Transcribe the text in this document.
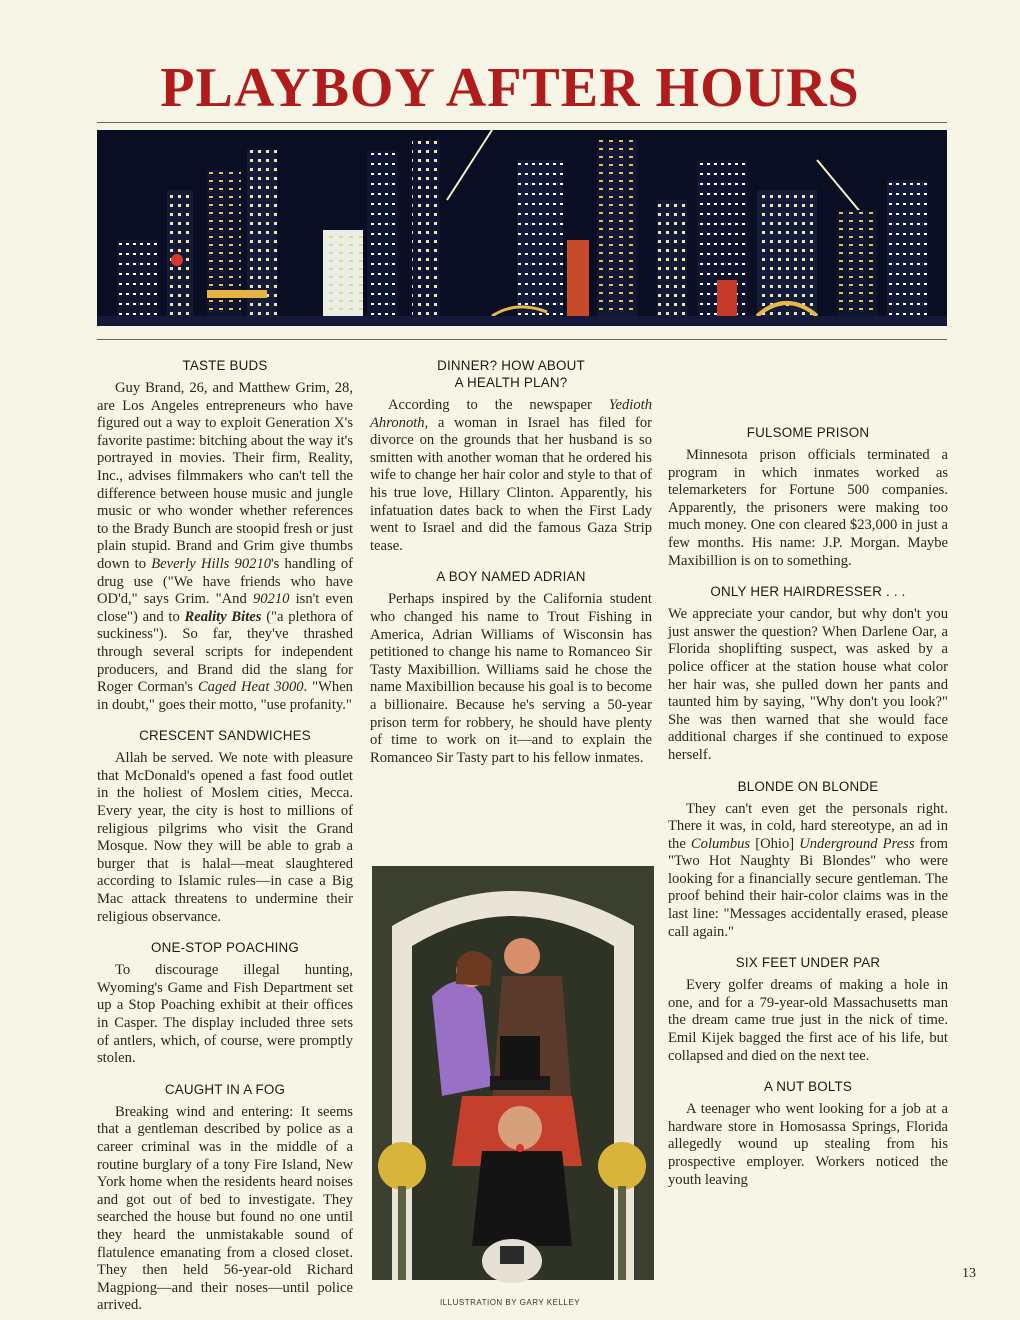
PLAYBOY AFTER HOURS
TASTE BUDS

Guy Brand, 26, and Matthew Grim, 28, are Los Angeles entrepreneurs who have figured out a way to exploit Generation X's favorite pastime: bitching about the way it's portrayed in movies. Their firm, Reality, Inc., advises filmmakers who can't tell the difference between house music and jungle music or who wonder whether references to the Brady Bunch are stoopid fresh or just plain stupid. Brand and Grim give thumbs down to Beverly Hills 90210's handling of drug use ("We have friends who have OD'd," says Grim. "And 90210 isn't even close") and to Reality Bites ("a plethora of suckiness"). So far, they've thrashed through several scripts for independent producers, and Brand did the slang for Roger Corman's Caged Heat 3000. "When in doubt," goes their motto, "use profanity."

CRESCENT SANDWICHES

Allah be served. We note with pleasure that McDonald's opened a fast food outlet in the holiest of Moslem cities, Mecca. Every year, the city is host to millions of religious pilgrims who visit the Grand Mosque. Now they will be able to grab a burger that is halal—meat slaughtered according to Islamic rules—in case a Big Mac attack threatens to undermine their religious observance.

ONE-STOP POACHING

To discourage illegal hunting, Wyoming's Game and Fish Department set up a Stop Poaching exhibit at their offices in Casper. The display included three sets of antlers, which, of course, were promptly stolen.

CAUGHT IN A FOG

Breaking wind and entering: It seems that a gentleman described by police as a career criminal was in the middle of a routine burglary of a tony Fire Island, New York home when the residents heard noises and got out of bed to investigate. They searched the house but found no one until they heard the unmistakable sound of flatulence emanating from a closed closet. They then held 56-year-old Richard Magpiong—and their noses—until police arrived.

DINNER? HOW ABOUT
A HEALTH PLAN?

According to the newspaper Yedioth Ahronoth, a woman in Israel has filed for divorce on the grounds that her husband is so smitten with another woman that he ordered his wife to change her hair color and style to that of his true love, Hillary Clinton. Apparently, his infatuation dates back to when the First Lady went to Israel and did the famous Gaza Strip tease.

A BOY NAMED ADRIAN

Perhaps inspired by the California student who changed his name to Trout Fishing in America, Adrian Williams of Wisconsin has petitioned to change his name to Romanceo Sir Tasty Maxibillion. Williams said he chose the name Maxibillion because his goal is to become a billionaire. Because he's serving a 50-year prison term for robbery, he should have plenty of time to work on it—and to explain the Romanceo Sir Tasty part to his fellow inmates.

FULSOME PRISON

Minnesota prison officials terminated a program in which inmates worked as telemarketers for Fortune 500 companies. Apparently, the prisoners were making too much money. One con cleared $23,000 in just a few months. His name: J.P. Morgan. Maybe Maxibillion is on to something.

ONLY HER HAIRDRESSER . . .

We appreciate your candor, but why don't you just answer the question? When Darlene Oar, a Florida shoplifting suspect, was asked by a police officer at the station house what color her hair was, she pulled down her pants and taunted him by saying, "Why don't you look?" She was then warned that she would face additional charges if she continued to expose herself.

BLONDE ON BLONDE

They can't even get the personals right. There it was, in cold, hard stereotype, an ad in the Columbus [Ohio] Underground Press from "Two Hot Naughty Bi Blondes" who were looking for a financially secure gentleman. The proof behind their hair-color claims was in the last line: "Messages accidentally erased, please call again."

SIX FEET UNDER PAR

Every golfer dreams of making a hole in one, and for a 79-year-old Massachusetts man the dream came true just in the nick of time. Emil Kijek bagged the first ace of his life, but collapsed and died on the next tee.

A NUT BOLTS

A teenager who went looking for a job at a hardware store in Homosassa Springs, Florida allegedly wound up stealing from his prospective employer. Workers noticed the youth leaving

13
ILLUSTRATION BY GARY KELLEY
